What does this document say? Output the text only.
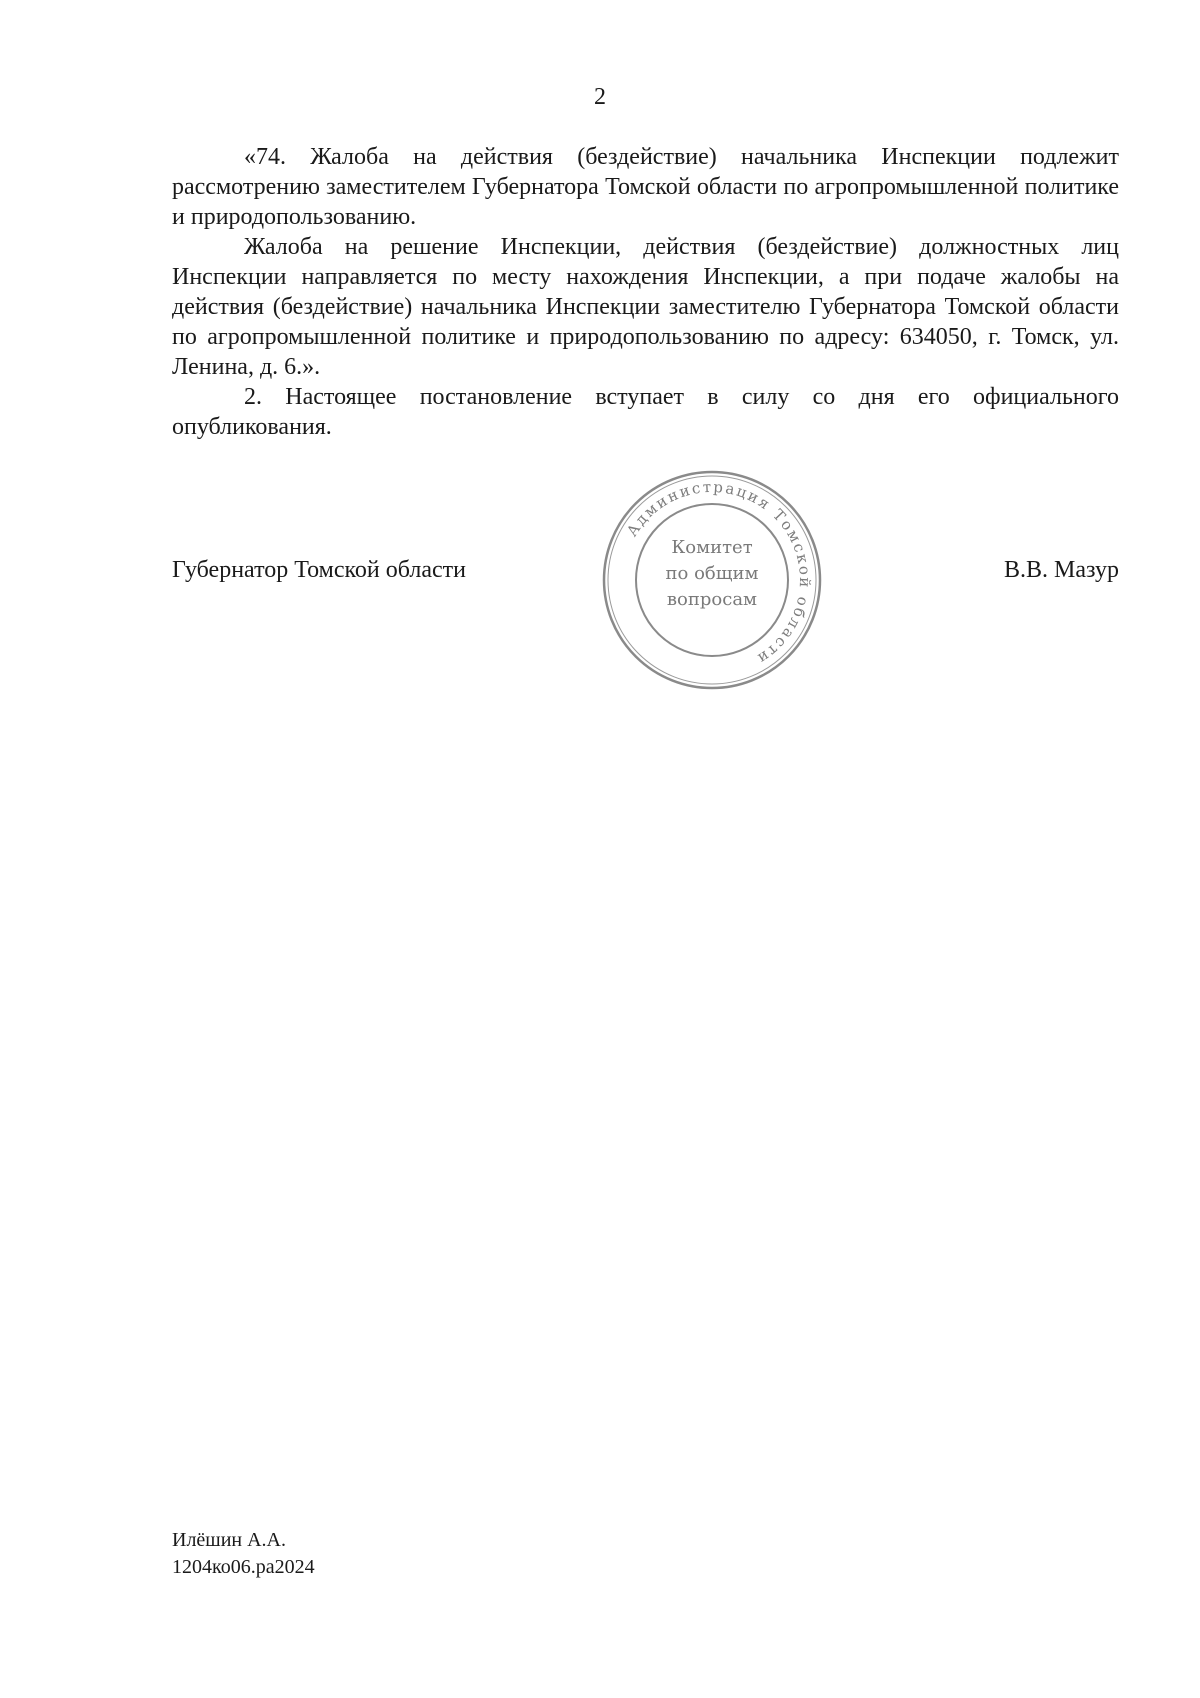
2

«74. Жалоба на действия (бездействие) начальника Инспекции подлежит рассмотрению заместителем Губернатора Томской области по агропромышленной политике и природопользованию.

Жалоба на решение Инспекции, действия (бездействие) должностных лиц Инспекции направляется по месту нахождения Инспекции, а при подаче жалобы на действия (бездействие) начальника Инспекции заместителю Губернатора Томской области по агропромышленной политике и природопользованию по адресу: 634050, г. Томск, ул. Ленина, д. 6.».

2. Настоящее постановление вступает в силу со дня его официального опубликования.

Губернатор Томской области
Администрация Томской области
Комитет
по общим
вопросам
В.В. Мазур
Илёшин А.А.
1204ко06.ра2024
